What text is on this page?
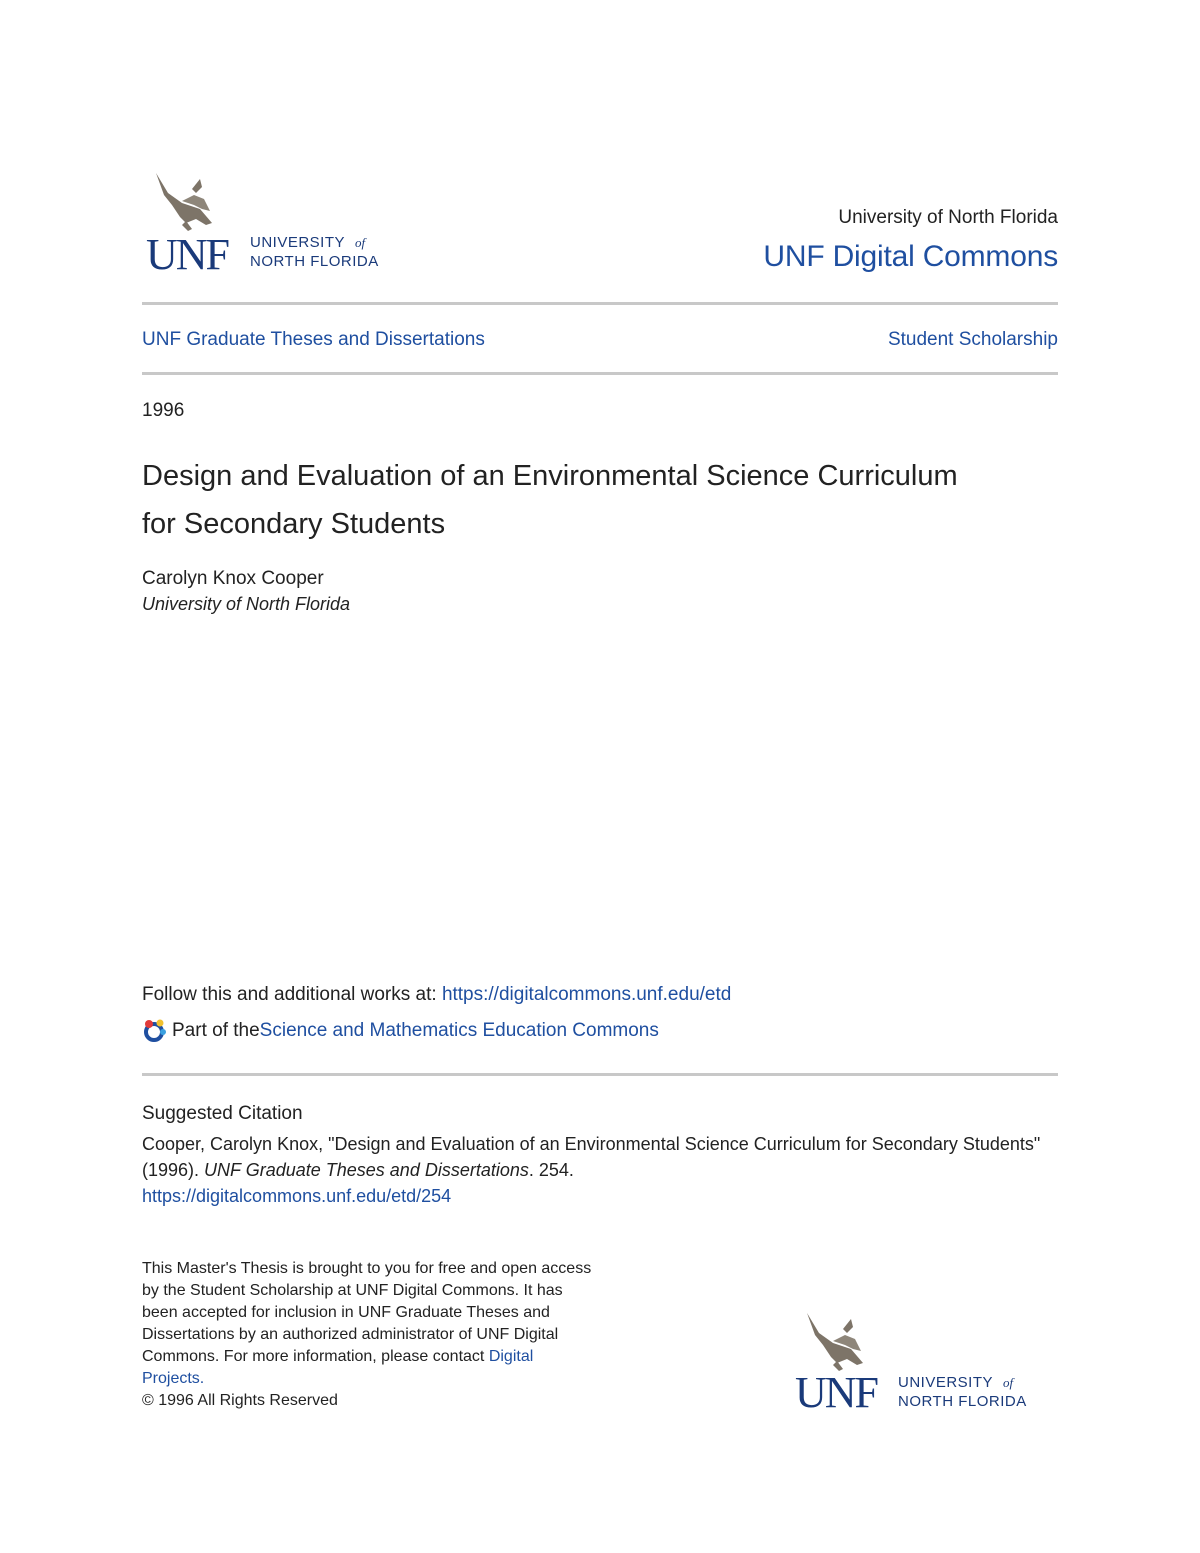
UNF UNIVERSITY of
NORTH FLORIDA
University of North Florida
UNF Digital Commons
UNF Graduate Theses and Dissertations	Student Scholarship
1996
Design and Evaluation of an Environmental Science Curriculum
for Secondary Students
Carolyn Knox Cooper
University of North Florida
Follow this and additional works at: https://digitalcommons.unf.edu/etd
Part of the Science and Mathematics Education Commons
Suggested Citation
Cooper, Carolyn Knox, "Design and Evaluation of an Environmental Science Curriculum for Secondary Students" (1996). UNF Graduate Theses and Dissertations. 254.
https://digitalcommons.unf.edu/etd/254
This Master's Thesis is brought to you for free and open access by the Student Scholarship at UNF Digital Commons. It has been accepted for inclusion in UNF Graduate Theses and Dissertations by an authorized administrator of UNF Digital Commons. For more information, please contact Digital Projects.
© 1996 All Rights Reserved	UNF UNIVERSITY of
NORTH FLORIDA
